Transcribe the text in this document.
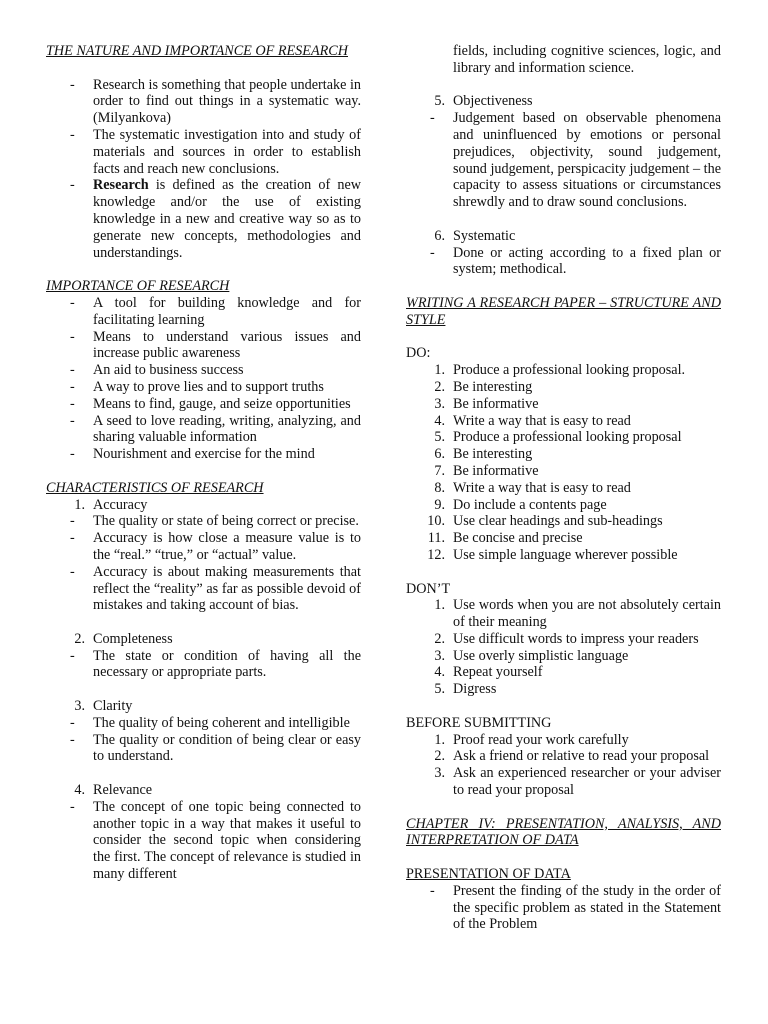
THE NATURE AND IMPORTANCE OF RESEARCH

-	Research is something that people undertake in order to find out things in a systematic way. (Milyankova)
-	The systematic investigation into and study of materials and sources in order to establish facts and reach new conclusions.
-	Research is defined as the creation of new knowledge and/or the use of existing knowledge in a new and creative way so as to generate new concepts, methodologies and understandings.

IMPORTANCE OF RESEARCH

-	A tool for building knowledge and for facilitating learning
-	Means to understand various issues and increase public awareness
-	An aid to business success
-	A way to prove lies and to support truths
-	Means to find, gauge, and seize opportunities
-	A seed to love reading, writing, analyzing, and sharing valuable information
-	Nourishment and exercise for the mind

CHARACTERISTICS OF RESEARCH

1. Accuracy
-	The quality or state of being correct or precise.
-	Accuracy is how close a measure value is to the “real.” “true,” or “actual” value.
-	Accuracy is about making measurements that reflect the “reality” as far as possible devoid of mistakes and taking account of bias.
2. Completeness
-	The state or condition of having all the necessary or appropriate parts.
3. Clarity
-	The quality of being coherent and intelligible
-	The quality or condition of being clear or easy to understand.
4. Relevance
-	The concept of one topic being connected to another topic in a way that makes it useful to consider the second topic when considering the first. The concept of relevance is studied in many different
fields, including cognitive sciences, logic, and library and information science.
5. Objectiveness
-	Judgement based on observable phenomena and uninfluenced by emotions or personal prejudices, objectivity, sound judgement, sound judgement, perspicacity judgement – the capacity to assess situations or circumstances shrewdly and to draw sound conclusions.
6. Systematic
-	Done or acting according to a fixed plan or system; methodical.

WRITING A RESEARCH PAPER – STRUCTURE AND STYLE

DO:

1. Produce a professional looking proposal.
2. Be interesting
3. Be informative
4. Write a way that is easy to read
5. Produce a professional looking proposal
6. Be interesting
7. Be informative
8. Write a way that is easy to read
9. Do include a contents page
10. Use clear headings and sub-headings
11. Be concise and precise
12. Use simple language wherever possible

DON’T

1. Use words when you are not absolutely certain of their meaning
2. Use difficult words to impress your readers
3. Use overly simplistic language
4. Repeat yourself
5. Digress

BEFORE SUBMITTING

1. Proof read your work carefully
2. Ask a friend or relative to read your proposal
3. Ask an experienced researcher or your adviser to read your proposal

CHAPTER IV: PRESENTATION, ANALYSIS, AND INTERPRETATION OF DATA

PRESENTATION OF DATA

-	Present the finding of the study in the order of the specific problem as stated in the Statement of the Problem
